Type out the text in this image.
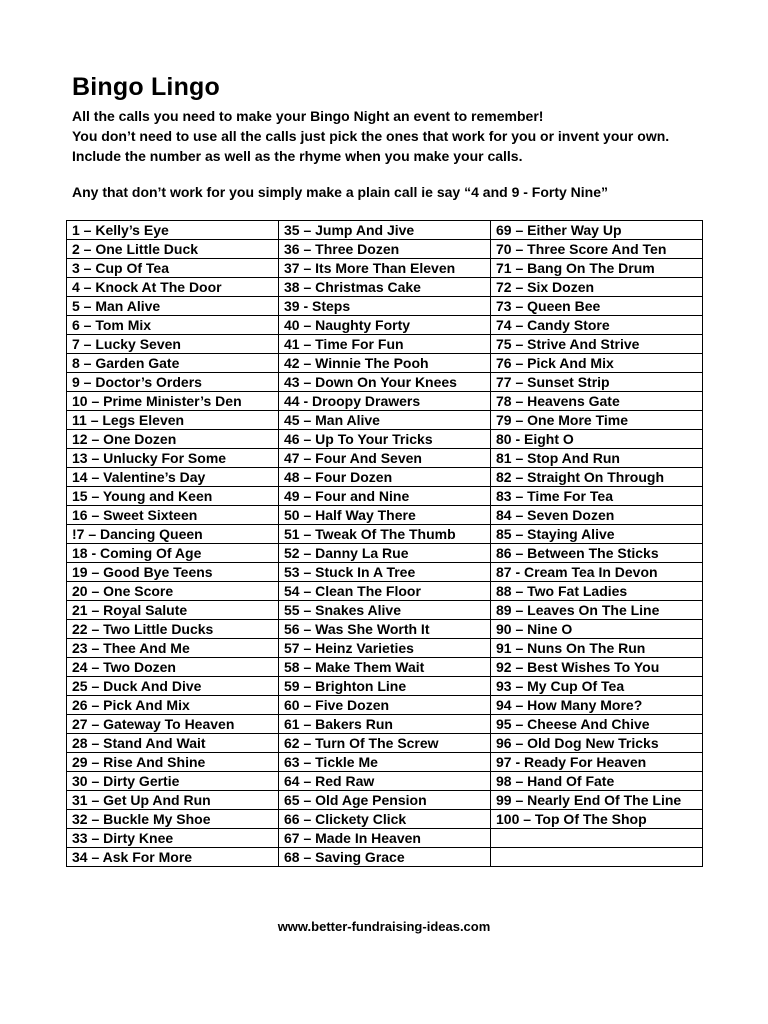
Bingo Lingo

All the calls you need to make your Bingo Night an event to remember!

You don’t need to use all the calls just pick the ones that work for you or invent your own. Include the number as well as the rhyme when you make your calls.

Any that don’t work for you simply make a plain call ie say “4 and 9 - Forty Nine”

1 – Kelly’s Eye	35 – Jump And Jive	69 – Either Way Up
2 – One Little Duck	36 – Three Dozen	70 – Three Score And Ten
3 – Cup Of Tea	37 – Its More Than Eleven	71 – Bang On The Drum
4 – Knock At The Door	38 – Christmas Cake	72 – Six Dozen
5 – Man Alive	39 - Steps	73 – Queen Bee
6 – Tom Mix	40 – Naughty Forty	74 – Candy Store
7 – Lucky Seven	41 – Time For Fun	75 – Strive And Strive
8 – Garden Gate	42 – Winnie The Pooh	76 – Pick And Mix
9 – Doctor’s Orders	43 – Down On Your Knees	77 – Sunset Strip
10 – Prime Minister’s Den	44 - Droopy Drawers	78 – Heavens Gate
11 – Legs Eleven	45 – Man Alive	79 – One More Time
12 – One Dozen	46 – Up To Your Tricks	80 - Eight O
13 – Unlucky For Some	47 – Four And Seven	81 – Stop And Run
14 – Valentine’s Day	48 – Four Dozen	82 – Straight On Through
15 – Young and Keen	49 – Four and Nine	83 – Time For Tea
16 – Sweet Sixteen	50 – Half Way There	84 – Seven Dozen
!7 – Dancing Queen	51 – Tweak Of The Thumb	85 – Staying Alive
18 - Coming Of Age	52 – Danny La Rue	86 – Between The Sticks
19 – Good Bye Teens	53 – Stuck In A Tree	87 - Cream Tea In Devon
20 – One Score	54 – Clean The Floor	88 – Two Fat Ladies
21 – Royal Salute	55 – Snakes Alive	89 – Leaves On The Line
22 – Two Little Ducks	56 – Was She Worth It	90 – Nine O
23 – Thee And Me	57 – Heinz Varieties	91 – Nuns On The Run
24 – Two Dozen	58 – Make Them Wait	92 – Best Wishes To You
25 – Duck And Dive	59 – Brighton Line	93 – My Cup Of Tea
26 – Pick And Mix	60 – Five Dozen	94 – How Many More?
27 – Gateway To Heaven	61 – Bakers Run	95 – Cheese And Chive
28 – Stand And Wait	62 – Turn Of The Screw	96 – Old Dog New Tricks
29 – Rise And Shine	63 – Tickle Me	97 - Ready For Heaven
30 – Dirty Gertie	64 – Red Raw	98 – Hand Of Fate
31 – Get Up And Run	65 – Old Age Pension	99 – Nearly End Of The Line
32 – Buckle My Shoe	66 – Clickety Click	100 – Top Of The Shop
33 – Dirty Knee	67 – Made In Heaven	
34 – Ask For More	68 – Saving Grace	
www.better-fundraising-ideas.com
